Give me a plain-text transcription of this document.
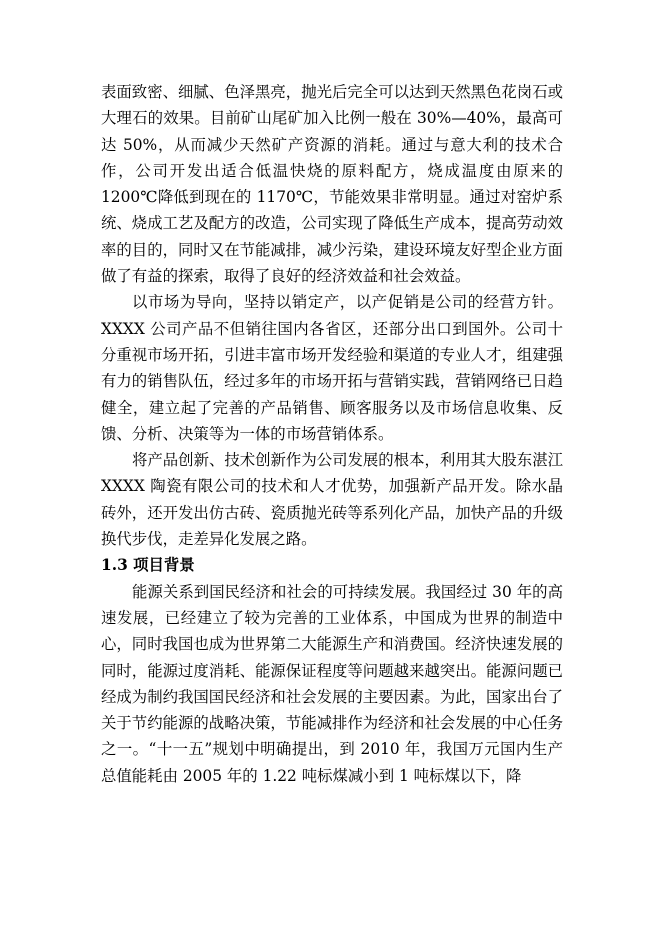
表面致密、细腻、色泽黑亮，抛光后完全可以达到天然黑色花岗石或大理石的效果。目前矿山尾矿加入比例一般在 30%—40%，最高可达 50%，从而减少天然矿产资源的消耗。通过与意大利的技术合作，公司开发出适合低温快烧的原料配方，烧成温度由原来的 1200℃降低到现在的 1170℃，节能效果非常明显。通过对窑炉系统、烧成工艺及配方的改造，公司实现了降低生产成本，提高劳动效率的目的，同时又在节能减排，减少污染，建设环境友好型企业方面做了有益的探索，取得了良好的经济效益和社会效益。

以市场为导向，坚持以销定产，以产促销是公司的经营方针。XXXX 公司产品不但销往国内各省区，还部分出口到国外。公司十分重视市场开拓，引进丰富市场开发经验和渠道的专业人才，组建强有力的销售队伍，经过多年的市场开拓与营销实践，营销网络已日趋健全，建立起了完善的产品销售、顾客服务以及市场信息收集、反馈、分析、决策等为一体的市场营销体系。

将产品创新、技术创新作为公司发展的根本，利用其大股东湛江 XXXX 陶瓷有限公司的技术和人才优势，加强新产品开发。除水晶砖外，还开发出仿古砖、瓷质抛光砖等系列化产品，加快产品的升级换代步伐，走差异化发展之路。

1.3 项目背景

能源关系到国民经济和社会的可持续发展。我国经过 30 年的高速发展，已经建立了较为完善的工业体系，中国成为世界的制造中心，同时我国也成为世界第二大能源生产和消费国。经济快速发展的同时，能源过度消耗、能源保证程度等问题越来越突出。能源问题已经成为制约我国国民经济和社会发展的主要因素。为此，国家出台了关于节约能源的战略决策，节能减排作为经济和社会发展的中心任务之一。“十一五”规划中明确提出，到 2010 年，我国万元国内生产总值能耗由 2005 年的 1.22 吨标煤减小到 1 吨标煤以下，降
